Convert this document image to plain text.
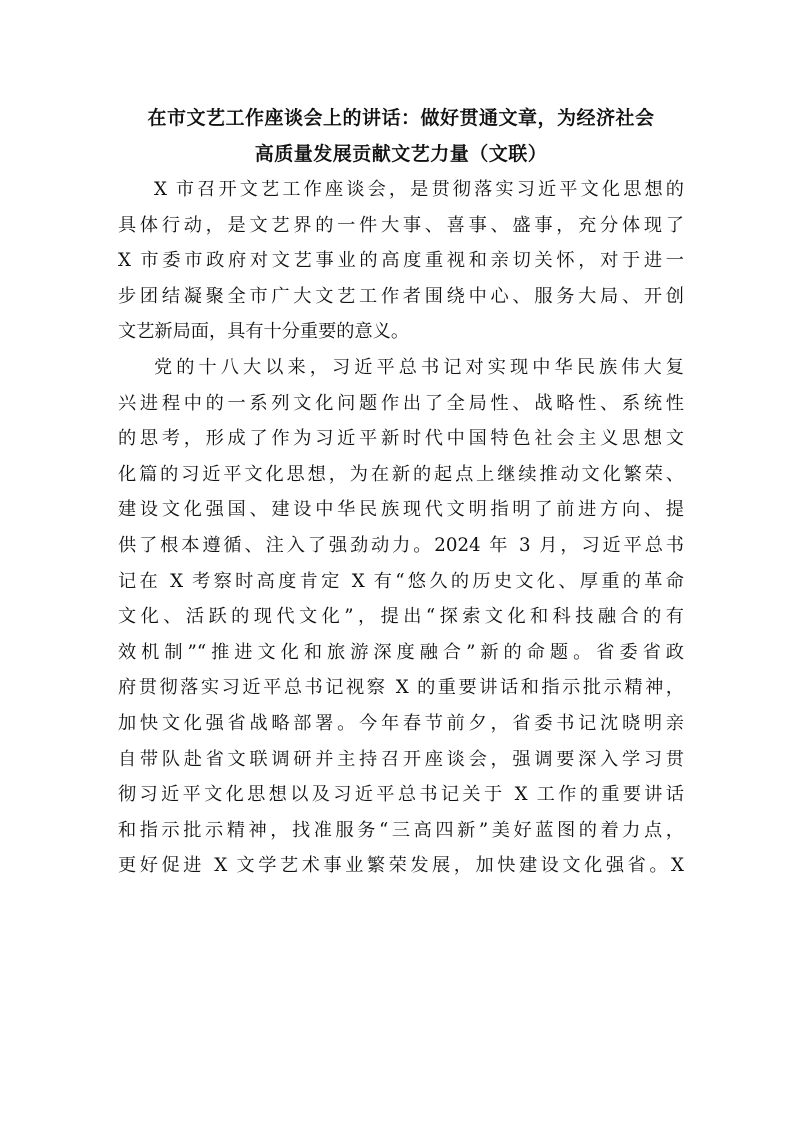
在市文艺工作座谈会上的讲话：做好贯通文章，为经济社会
高质量发展贡献文艺力量（文联）
X 市召开文艺工作座谈会，是贯彻落实习近平文化思想的
具体行动，是文艺界的一件大事、喜事、盛事，充分体现了
X 市委市政府对文艺事业的高度重视和亲切关怀，对于进一
步团结凝聚全市广大文艺工作者围绕中心、服务大局、开创
文艺新局面，具有十分重要的意义。
党的十八大以来，习近平总书记对实现中华民族伟大复
兴进程中的一系列文化问题作出了全局性、战略性、系统性
的思考，形成了作为习近平新时代中国特色社会主义思想文
化篇的习近平文化思想，为在新的起点上继续推动文化繁荣、
建设文化强国、建设中华民族现代文明指明了前进方向、提
供了根本遵循、注入了强劲动力。2024 年 3 月，习近平总书
记在 X 考察时高度肯定 X 有“悠久的历史文化、厚重的革命
文化、活跃的现代文化”，提出“探索文化和科技融合的有
效机制”“推进文化和旅游深度融合”新的命题。省委省政
府贯彻落实习近平总书记视察 X 的重要讲话和指示批示精神，
加快文化强省战略部署。今年春节前夕，省委书记沈晓明亲
自带队赴省文联调研并主持召开座谈会，强调要深入学习贯
彻习近平文化思想以及习近平总书记关于 X 工作的重要讲话
和指示批示精神，找准服务“三高四新”美好蓝图的着力点，
更好促进 X 文学艺术事业繁荣发展，加快建设文化强省。X
